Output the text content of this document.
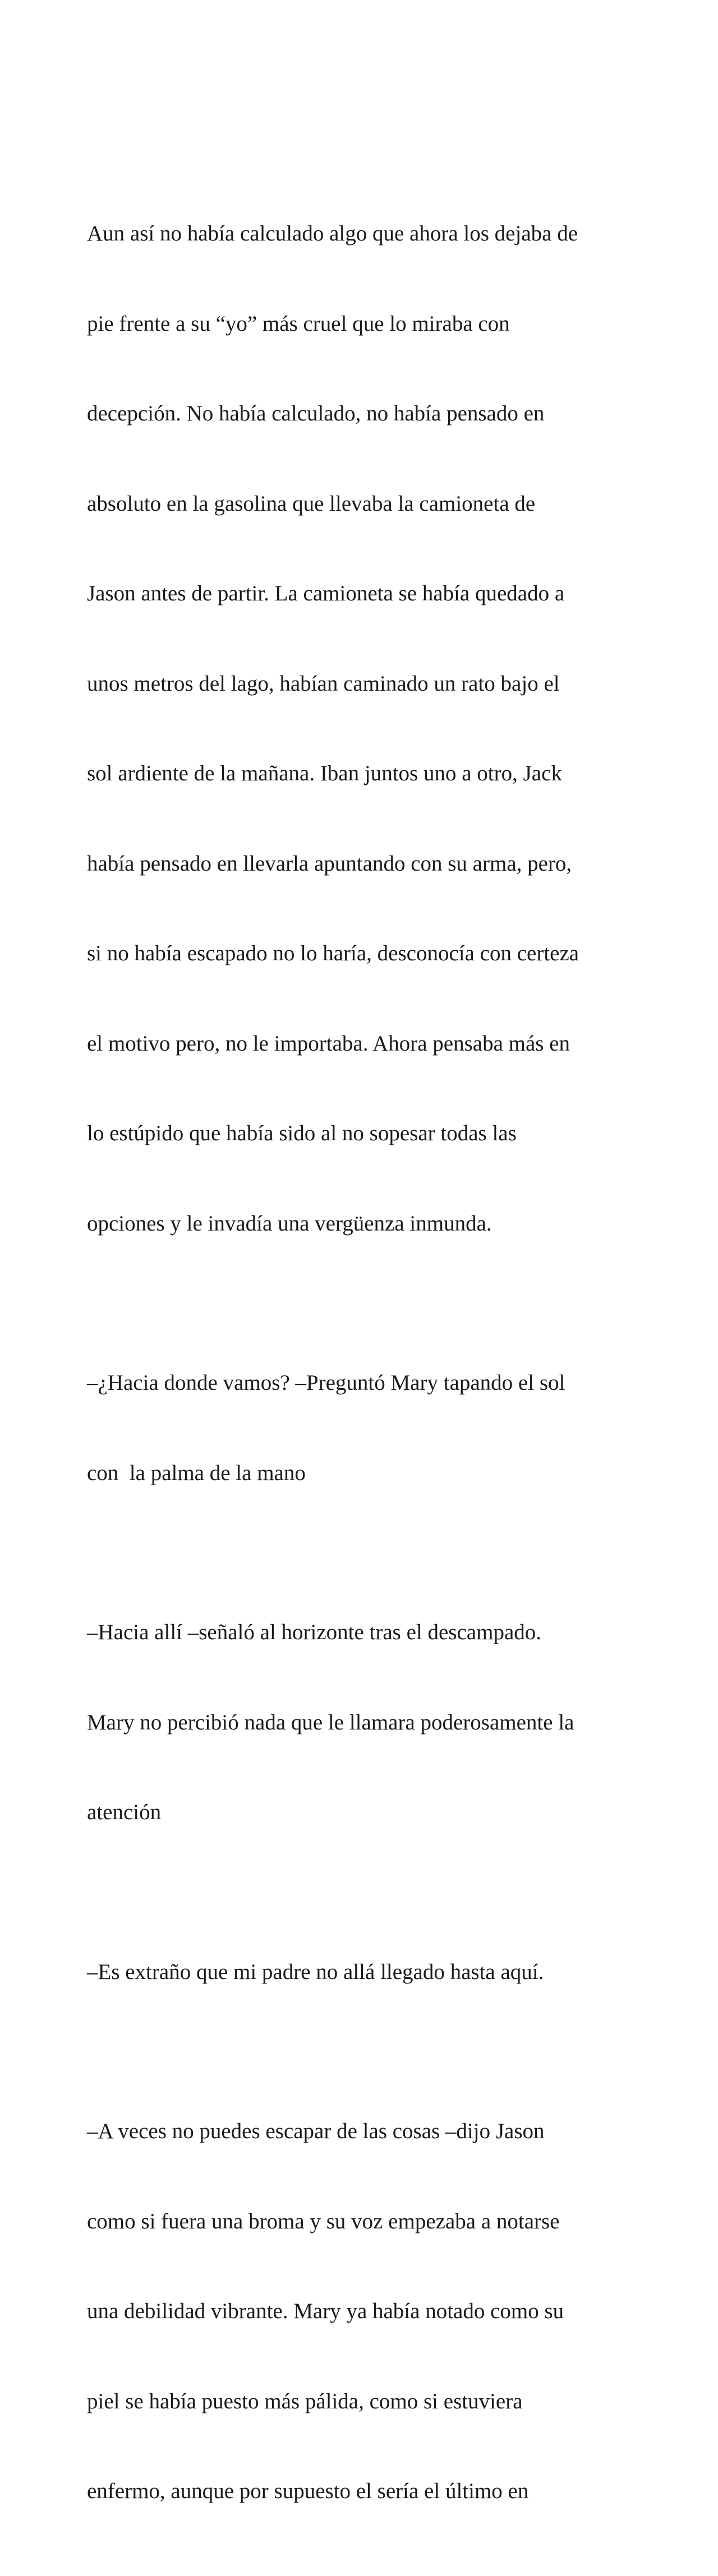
Aun así no había calculado algo que ahora los dejaba de

pie frente a su “yo” más cruel que lo miraba con

decepción. No había calculado, no había pensado en

absoluto en la gasolina que llevaba la camioneta de

Jason antes de partir. La camioneta se había quedado a

unos metros del lago, habían caminado un rato bajo el

sol ardiente de la mañana. Iban juntos uno a otro, Jack

había pensado en llevarla apuntando con su arma, pero,

si no había escapado no lo haría, desconocía con certeza

el motivo pero, no le importaba. Ahora pensaba más en

lo estúpido que había sido al no sopesar todas las

opciones y le invadía una vergüenza inmunda.

–¿Hacia donde vamos? –Preguntó Mary tapando el sol

con  la palma de la mano

–Hacia allí –señaló al horizonte tras el descampado.

Mary no percibió nada que le llamara poderosamente la

atención

–Es extraño que mi padre no allá llegado hasta aquí.

–A veces no puedes escapar de las cosas –dijo Jason

como si fuera una broma y su voz empezaba a notarse

una debilidad vibrante. Mary ya había notado como su

piel se había puesto más pálida, como si estuviera

enfermo, aunque por supuesto el sería el último en
